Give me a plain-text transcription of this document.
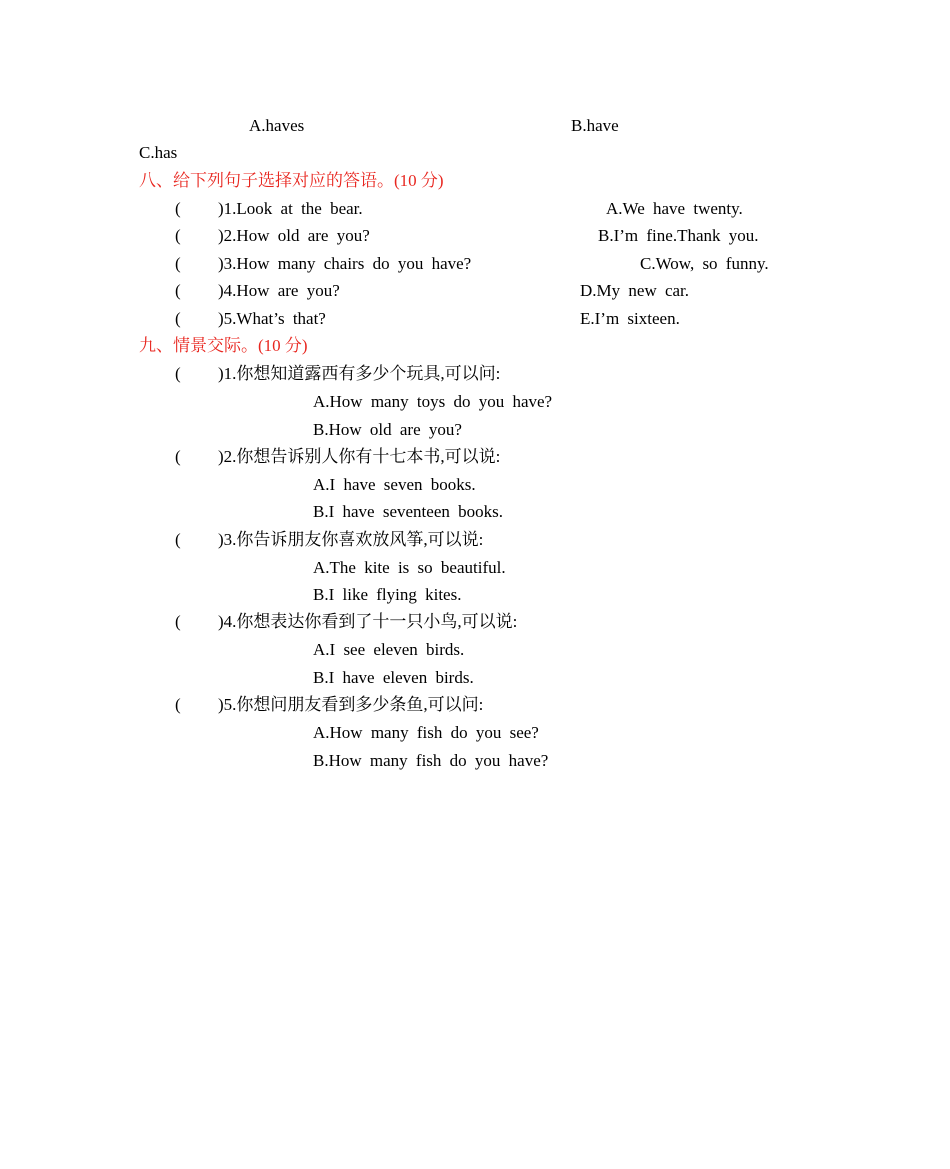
A.haves	B.have
C.has
八、给下列句子选择对应的答语。(10 分)
( )1.Look at the bear.	A.We have twenty.
( )2.How old are you?	B.I’m fine.Thank you.
( )3.How many chairs do you have?	C.Wow, so funny.
( )4.How are you?	D.My new car.
( )5.What’s that?	E.I’m sixteen.
九、情景交际。(10 分)
( )1.你想知道露西有多少个玩具,可以问:
A.How many toys do you have?
B.How old are you?
( )2.你想告诉别人你有十七本书,可以说:
A.I have seven books.
B.I have seventeen books.
( )3.你告诉朋友你喜欢放风筝,可以说:
A.The kite is so beautiful.
B.I like flying kites.
( )4.你想表达你看到了十一只小鸟,可以说:
A.I see eleven birds.
B.I have eleven birds.
( )5.你想问朋友看到多少条鱼,可以问:
A.How many fish do you see?
B.How many fish do you have?
